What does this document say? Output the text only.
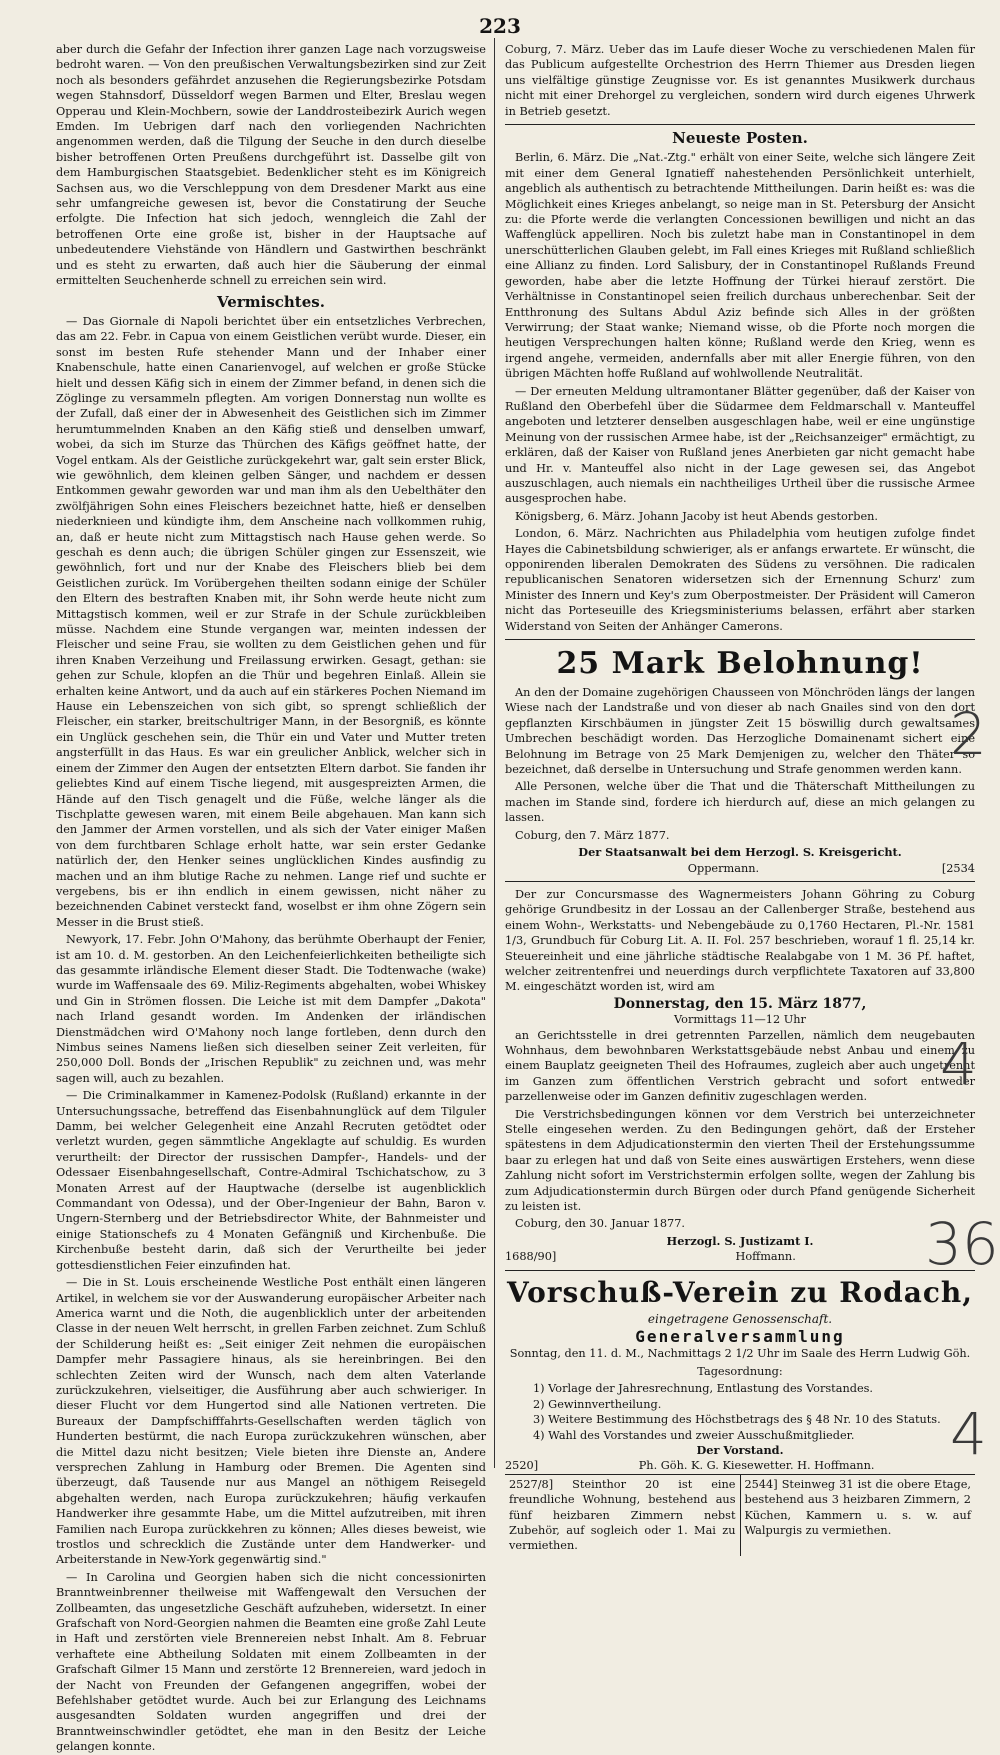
223

aber durch die Gefahr der Infection ihrer ganzen Lage nach vorzugsweise bedroht waren. — Von den preußischen Verwaltungsbezirken sind zur Zeit noch als besonders gefährdet anzusehen die Regierungsbezirke Potsdam wegen Stahnsdorf, Düsseldorf wegen Barmen und Elter, Breslau wegen Opperau und Klein-Mochbern, sowie der Landdrosteibezirk Aurich wegen Emden. Im Uebrigen darf nach den vorliegenden Nachrichten angenommen werden, daß die Tilgung der Seuche in den durch dieselbe bisher betroffenen Orten Preußens durchgeführt ist. Dasselbe gilt von dem Hamburgischen Staatsgebiet. Bedenklicher steht es im Königreich Sachsen aus, wo die Verschleppung von dem Dresdener Markt aus eine sehr umfangreiche gewesen ist, bevor die Constatirung der Seuche erfolgte. Die Infection hat sich jedoch, wenngleich die Zahl der betroffenen Orte eine große ist, bisher in der Hauptsache auf unbedeutendere Viehstände von Händlern und Gastwirthen beschränkt und es steht zu erwarten, daß auch hier die Säuberung der einmal ermittelten Seuchenherde schnell zu erreichen sein wird.

Vermischtes.

— Das Giornale di Napoli berichtet über ein entsetzliches Verbrechen, das am 22. Febr. in Capua von einem Geistlichen verübt wurde. Dieser, ein sonst im besten Rufe stehender Mann und der Inhaber einer Knabenschule, hatte einen Canarienvogel, auf welchen er große Stücke hielt und dessen Käfig sich in einem der Zimmer befand, in denen sich die Zöglinge zu versammeln pflegten. Am vorigen Donnerstag nun wollte es der Zufall, daß einer der in Abwesenheit des Geistlichen sich im Zimmer herumtummelnden Knaben an den Käfig stieß und denselben umwarf, wobei, da sich im Sturze das Thürchen des Käfigs geöffnet hatte, der Vogel entkam. Als der Geistliche zurückgekehrt war, galt sein erster Blick, wie gewöhnlich, dem kleinen gelben Sänger, und nachdem er dessen Entkommen gewahr geworden war und man ihm als den Uebelthäter den zwölfjährigen Sohn eines Fleischers bezeichnet hatte, hieß er denselben niederknieen und kündigte ihm, dem Anscheine nach vollkommen ruhig, an, daß er heute nicht zum Mittagstisch nach Hause gehen werde. So geschah es denn auch; die übrigen Schüler gingen zur Essenszeit, wie gewöhnlich, fort und nur der Knabe des Fleischers blieb bei dem Geistlichen zurück. Im Vorübergehen theilten sodann einige der Schüler den Eltern des bestraften Knaben mit, ihr Sohn werde heute nicht zum Mittagstisch kommen, weil er zur Strafe in der Schule zurückbleiben müsse. Nachdem eine Stunde vergangen war, meinten indessen der Fleischer und seine Frau, sie wollten zu dem Geistlichen gehen und für ihren Knaben Verzeihung und Freilassung erwirken. Gesagt, gethan: sie gehen zur Schule, klopfen an die Thür und begehren Einlaß. Allein sie erhalten keine Antwort, und da auch auf ein stärkeres Pochen Niemand im Hause ein Lebenszeichen von sich gibt, so sprengt schließlich der Fleischer, ein starker, breitschultriger Mann, in der Besorgniß, es könnte ein Unglück geschehen sein, die Thür ein und Vater und Mutter treten angsterfüllt in das Haus. Es war ein greulicher Anblick, welcher sich in einem der Zimmer den Augen der entsetzten Eltern darbot. Sie fanden ihr geliebtes Kind auf einem Tische liegend, mit ausgespreizten Armen, die Hände auf den Tisch genagelt und die Füße, welche länger als die Tischplatte gewesen waren, mit einem Beile abgehauen. Man kann sich den Jammer der Armen vorstellen, und als sich der Vater einiger Maßen von dem furchtbaren Schlage erholt hatte, war sein erster Gedanke natürlich der, den Henker seines unglücklichen Kindes ausfindig zu machen und an ihm blutige Rache zu nehmen. Lange rief und suchte er vergebens, bis er ihn endlich in einem gewissen, nicht näher zu bezeichnenden Cabinet versteckt fand, woselbst er ihm ohne Zögern sein Messer in die Brust stieß.

Newyork, 17. Febr. John O'Mahony, das berühmte Oberhaupt der Fenier, ist am 10. d. M. gestorben. An den Leichenfeierlichkeiten betheiligte sich das gesammte irländische Element dieser Stadt. Die Todtenwache (wake) wurde im Waffensaale des 69. Miliz-Regiments abgehalten, wobei Whiskey und Gin in Strömen flossen. Die Leiche ist mit dem Dampfer „Dakota" nach Irland gesandt worden. Im Andenken der irländischen Dienstmädchen wird O'Mahony noch lange fortleben, denn durch den Nimbus seines Namens ließen sich dieselben seiner Zeit verleiten, für 250,000 Doll. Bonds der „Irischen Republik" zu zeichnen und, was mehr sagen will, auch zu bezahlen.

— Die Criminalkammer in Kamenez-Podolsk (Rußland) erkannte in der Untersuchungssache, betreffend das Eisenbahnunglück auf dem Tilguler Damm, bei welcher Gelegenheit eine Anzahl Recruten getödtet oder verletzt wurden, gegen sämmtliche Angeklagte auf schuldig. Es wurden verurtheilt: der Director der russischen Dampfer-, Handels- und der Odessaer Eisenbahngesellschaft, Contre-Admiral Tschichatschow, zu 3 Monaten Arrest auf der Hauptwache (derselbe ist augenblicklich Commandant von Odessa), und der Ober-Ingenieur der Bahn, Baron v. Ungern-Sternberg und der Betriebsdirector White, der Bahnmeister und einige Stationschefs zu 4 Monaten Gefängniß und Kirchenbuße. Die Kirchenbuße besteht darin, daß sich der Verurtheilte bei jeder gottesdienstlichen Feier einzufinden hat.

— Die in St. Louis erscheinende Westliche Post enthält einen längeren Artikel, in welchem sie vor der Auswanderung europäischer Arbeiter nach America warnt und die Noth, die augenblicklich unter der arbeitenden Classe in der neuen Welt herrscht, in grellen Farben zeichnet. Zum Schluß der Schilderung heißt es: „Seit einiger Zeit nehmen die europäischen Dampfer mehr Passagiere hinaus, als sie hereinbringen. Bei den schlechten Zeiten wird der Wunsch, nach dem alten Vaterlande zurückzukehren, vielseitiger, die Ausführung aber auch schwieriger. In dieser Flucht vor dem Hungertod sind alle Nationen vertreten. Die Bureaux der Dampfschifffahrts-Gesellschaften werden täglich von Hunderten bestürmt, die nach Europa zurückzukehren wünschen, aber die Mittel dazu nicht besitzen; Viele bieten ihre Dienste an, Andere versprechen Zahlung in Hamburg oder Bremen. Die Agenten sind überzeugt, daß Tausende nur aus Mangel an nöthigem Reisegeld abgehalten werden, nach Europa zurückzukehren; häufig verkaufen Handwerker ihre gesammte Habe, um die Mittel aufzutreiben, mit ihren Familien nach Europa zurückkehren zu können; Alles dieses beweist, wie trostlos und schrecklich die Zustände unter dem Handwerker- und Arbeiterstande in New-York gegenwärtig sind."

— In Carolina und Georgien haben sich die nicht concessionirten Branntweinbrenner theilweise mit Waffengewalt den Versuchen der Zollbeamten, das ungesetzliche Geschäft aufzuheben, widersetzt. In einer Grafschaft von Nord-Georgien nahmen die Beamten eine große Zahl Leute in Haft und zerstörten viele Brennereien nebst Inhalt. Am 8. Februar verhaftete eine Abtheilung Soldaten mit einem Zollbeamten in der Grafschaft Gilmer 15 Mann und zerstörte 12 Brennereien, ward jedoch in der Nacht von Freunden der Gefangenen angegriffen, wobei der Befehlshaber getödtet wurde. Auch bei zur Erlangung des Leichnams ausgesandten Soldaten wurden angegriffen und drei der Branntweinschwindler getödtet, ehe man in den Besitz der Leiche gelangen konnte.

Coburg, 7. März. Ueber das im Laufe dieser Woche zu verschiedenen Malen für das Publicum aufgestellte Orchestrion des Herrn Thiemer aus Dresden liegen uns vielfältige günstige Zeugnisse vor. Es ist genanntes Musikwerk durchaus nicht mit einer Drehorgel zu vergleichen, sondern wird durch eigenes Uhrwerk in Betrieb gesetzt.

Neueste Posten.

Berlin, 6. März. Die „Nat.-Ztg." erhält von einer Seite, welche sich längere Zeit mit einer dem General Ignatieff nahestehenden Persönlichkeit unterhielt, angeblich als authentisch zu betrachtende Mittheilungen. Darin heißt es: was die Möglichkeit eines Krieges anbelangt, so neige man in St. Petersburg der Ansicht zu: die Pforte werde die verlangten Concessionen bewilligen und nicht an das Waffenglück appelliren. Noch bis zuletzt habe man in Constantinopel in dem unerschütterlichen Glauben gelebt, im Fall eines Krieges mit Rußland schließlich eine Allianz zu finden. Lord Salisbury, der in Constantinopel Rußlands Freund geworden, habe aber die letzte Hoffnung der Türkei hierauf zerstört. Die Verhältnisse in Constantinopel seien freilich durchaus unberechenbar. Seit der Entthronung des Sultans Abdul Aziz befinde sich Alles in der größten Verwirrung; der Staat wanke; Niemand wisse, ob die Pforte noch morgen die heutigen Versprechungen halten könne; Rußland werde den Krieg, wenn es irgend angehe, vermeiden, andernfalls aber mit aller Energie führen, von den übrigen Mächten hoffe Rußland auf wohlwollende Neutralität.

— Der erneuten Meldung ultramontaner Blätter gegenüber, daß der Kaiser von Rußland den Oberbefehl über die Südarmee dem Feldmarschall v. Manteuffel angeboten und letzterer denselben ausgeschlagen habe, weil er eine ungünstige Meinung von der russischen Armee habe, ist der „Reichsanzeiger" ermächtigt, zu erklären, daß der Kaiser von Rußland jenes Anerbieten gar nicht gemacht habe und Hr. v. Manteuffel also nicht in der Lage gewesen sei, das Angebot auszuschlagen, auch niemals ein nachtheiliges Urtheil über die russische Armee ausgesprochen habe.

Königsberg, 6. März. Johann Jacoby ist heut Abends gestorben.

London, 6. März. Nachrichten aus Philadelphia vom heutigen zufolge findet Hayes die Cabinetsbildung schwieriger, als er anfangs erwartete. Er wünscht, die opponirenden liberalen Demokraten des Südens zu versöhnen. Die radicalen republicanischen Senatoren widersetzen sich der Ernennung Schurz' zum Minister des Innern und Key's zum Oberpostmeister. Der Präsident will Cameron nicht das Porteseuille des Kriegsministeriums belassen, erfährt aber starken Widerstand von Seiten der Anhänger Camerons.

25 Mark Belohnung!

An den der Domaine zugehörigen Chausseen von Mönchröden längs der langen Wiese nach der Landstraße und von dieser ab nach Gnailes sind von den dort gepflanzten Kirschbäumen in jüngster Zeit 15 böswillig durch gewaltsames Umbrechen beschädigt worden. Das Herzogliche Domainenamt sichert eine Belohnung im Betrage von 25 Mark Demjenigen zu, welcher den Thäter so bezeichnet, daß derselbe in Untersuchung und Strafe genommen werden kann.

Alle Personen, welche über die That und die Thäterschaft Mittheilungen zu machen im Stande sind, fordere ich hierdurch auf, diese an mich gelangen zu lassen.

Coburg, den 7. März 1877.

Der Staatsanwalt bei dem Herzogl. S. Kreisgericht.
Oppermann.	[2534

Der zur Concursmasse des Wagnermeisters Johann Göhring zu Coburg gehörige Grundbesitz in der Lossau an der Callenberger Straße, bestehend aus einem Wohn-, Werkstatts- und Nebengebäude zu 0,1760 Hectaren, Pl.-Nr. 1581 1/3, Grundbuch für Coburg Lit. A. II. Fol. 257 beschrieben, worauf 1 fl. 25,14 kr. Steuereinheit und eine jährliche städtische Realabgabe von 1 M. 36 Pf. haftet, welcher zeitrentenfrei und neuerdings durch verpflichtete Taxatoren auf 33,800 M. eingeschätzt worden ist, wird am

Donnerstag, den 15. März 1877,
Vormittags 11—12 Uhr

an Gerichtsstelle in drei getrennten Parzellen, nämlich dem neugebauten Wohnhaus, dem bewohnbaren Werkstattsgebäude nebst Anbau und einem zu einem Bauplatz geeigneten Theil des Hofraumes, zugleich aber auch ungetrennt im Ganzen zum öffentlichen Verstrich gebracht und sofort entweder parzellenweise oder im Ganzen definitiv zugeschlagen werden.

Die Verstrichsbedingungen können vor dem Verstrich bei unterzeichneter Stelle eingesehen werden. Zu den Bedingungen gehört, daß der Ersteher spätestens in dem Adjudicationstermin den vierten Theil der Erstehungssumme baar zu erlegen hat und daß von Seite eines auswärtigen Erstehers, wenn diese Zahlung nicht sofort im Verstrichstermin erfolgen sollte, wegen der Zahlung bis zum Adjudicationstermin durch Bürgen oder durch Pfand genügende Sicherheit zu leisten ist.

Coburg, den 30. Januar 1877.

Herzogl. S. Justizamt I.
1688/90]	Hoffmann.
Vorschuß-Verein zu Rodach,

eingetragene Genossenschaft.

Generalversammlung

Sonntag, den 11. d. M., Nachmittags 2 1/2 Uhr im Saale des Herrn Ludwig Göh.

Tagesordnung:

1) Vorlage der Jahresrechnung, Entlastung des Vorstandes.
2) Gewinnvertheilung.
3) Weitere Bestimmung des Höchstbetrags des § 48 Nr. 10 des Statuts.
4) Wahl des Vorstandes und zweier Ausschußmitglieder.
Der Vorstand.
2520]	Ph. Göh. K. G. Kiesewetter. H. Hoffmann.
2527/8] Steinthor 20 ist eine freundliche Wohnung, bestehend aus fünf heizbaren Zimmern nebst Zubehör, auf sogleich oder 1. Mai zu vermiethen.
2544] Steinweg 31 ist die obere Etage, bestehend aus 3 heizbaren Zimmern, 2 Küchen, Kammern u. s. w. auf Walpurgis zu vermiethen.
2
4
36
4
